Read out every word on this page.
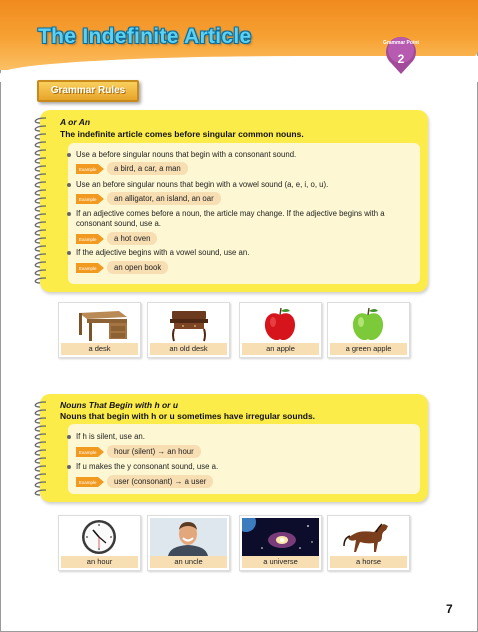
The Indefinite Article	Grammar Point
2
Grammar Rules
A or An
The indefinite article comes before singular common nouns.
Use a before singular nouns that begin with a consonant sound.
Example	a bird, a car, a man
Use an before singular nouns that begin with a vowel sound (a, e, i, o, u).
Example	an alligator, an island, an oar
If an adjective comes before a noun, the article may change. If the adjective begins with a consonant sound, use a.
Example	a hot oven
If the adjective begins with a vowel sound, use an.
Example	an open book
a desk	an old desk	an apple	a green apple
Nouns That Begin with h or u
Nouns that begin with h or u sometimes have irregular sounds.
If h is silent, use an.
Example	hour (silent) → an hour
If u makes the y consonant sound, use a.
Example	user (consonant) → a user
an hour	an uncle	a universe	a horse
7
